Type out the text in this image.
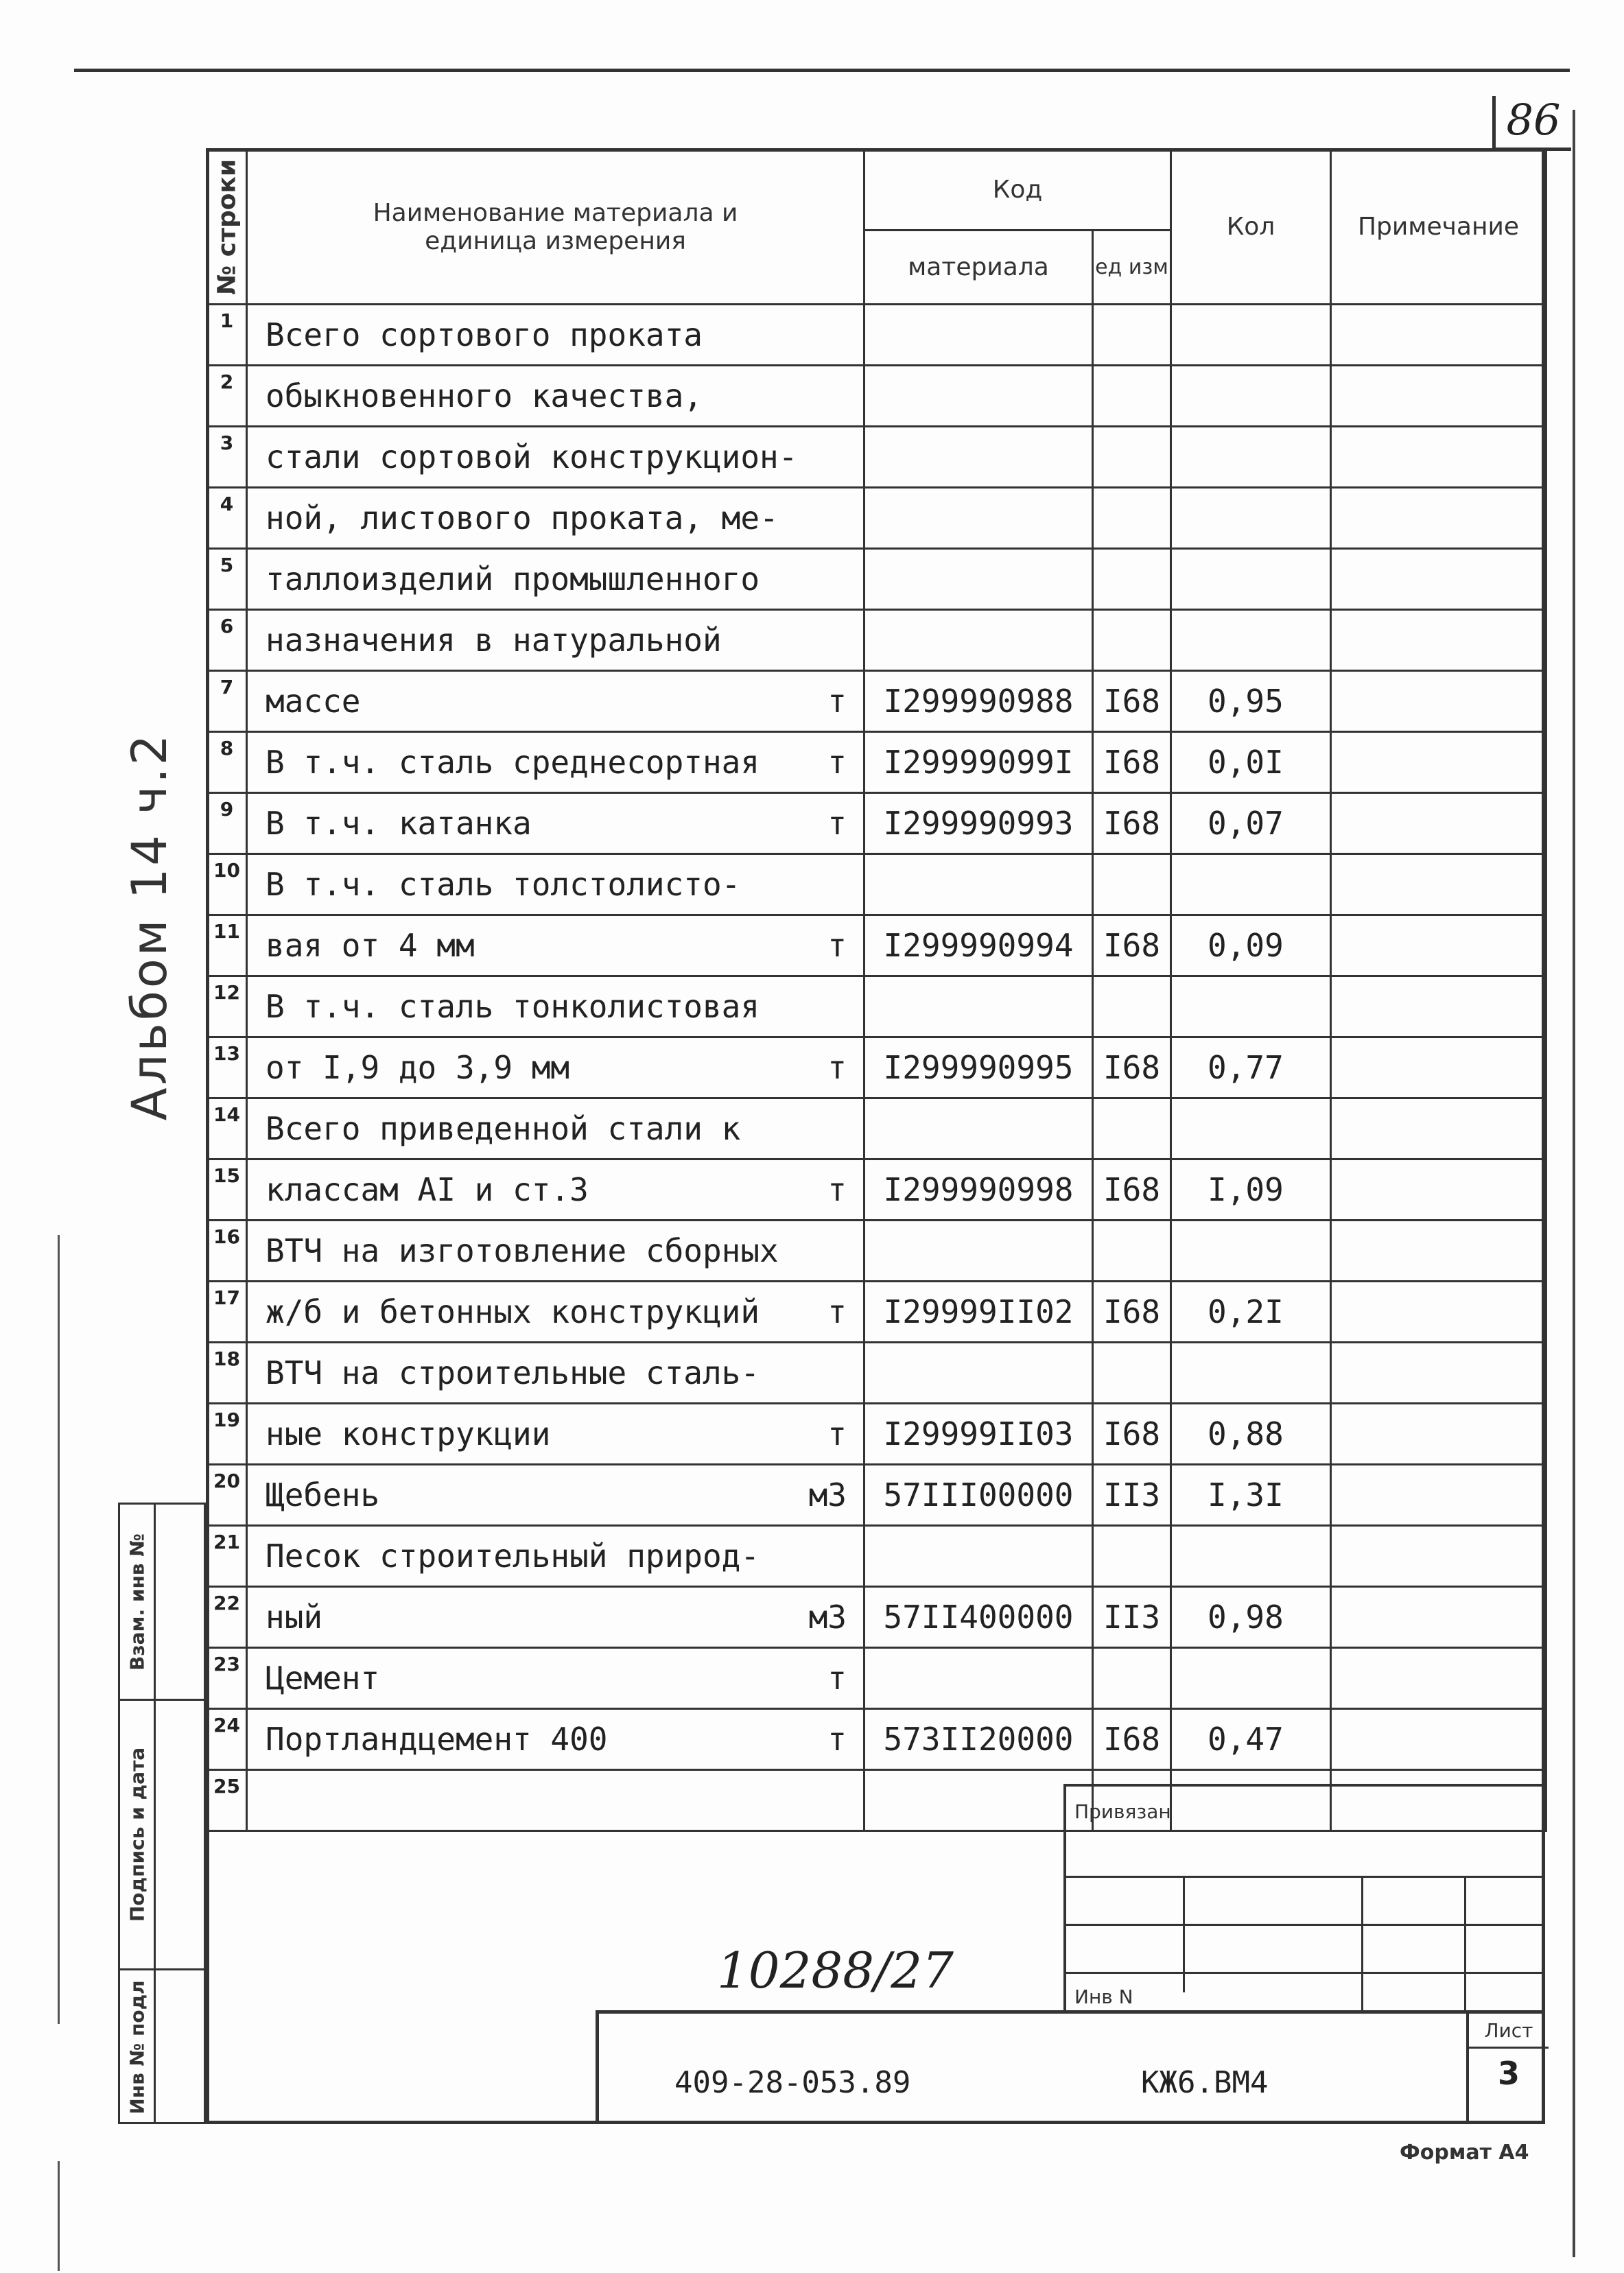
86
Альбом 14 ч.2
№ строки	Наименование материала и единица измерения	Код		Кол	Примечание
		материала	ед изм		
1	Всего сортового проката

2	обыкновенного качества,

3	стали сортовой конструкцион-

4	ной, листового проката, ме-

5	таллоизделий промышленного

6	назначения в натуральной

7	массе т	I299990988	I68	0,95	
8	В т.ч. сталь среднесортная т	I29999099I	I68	0,0I	
9	В т.ч. катанка т	I299990993	I68	0,07	
10	В т.ч. сталь толстолисто-

11	вая от 4 мм т	I299990994	I68	0,09	
12	В т.ч. сталь тонколистовая

13	от I,9 до 3,9 мм т	I299990995	I68	0,77	
14	Всего приведенной стали к

15	классам АI и ст.3 т	I299990998	I68	I,09	
16	ВТЧ на изготовление сборных

17	ж/б и бетонных конструкций т	I29999II02	I68	0,2I	
18	ВТЧ на строительные сталь-

19	ные конструкции т	I29999II03	I68	0,88	
20	Щебень м3	57III00000	II3	I,3I	
21	Песок строительный природ-

22	ный м3	57II400000	II3	0,98	
23	Цемент т				

24	Портландцемент 400 т	573II20000	I68	0,47	
25	

Взам. инв №
Подпись и дата
Инв № подл
Привязан
Инв N
10288/27
409-28-053.89	КЖ6.ВМ4
Лист
3
Формат А4
